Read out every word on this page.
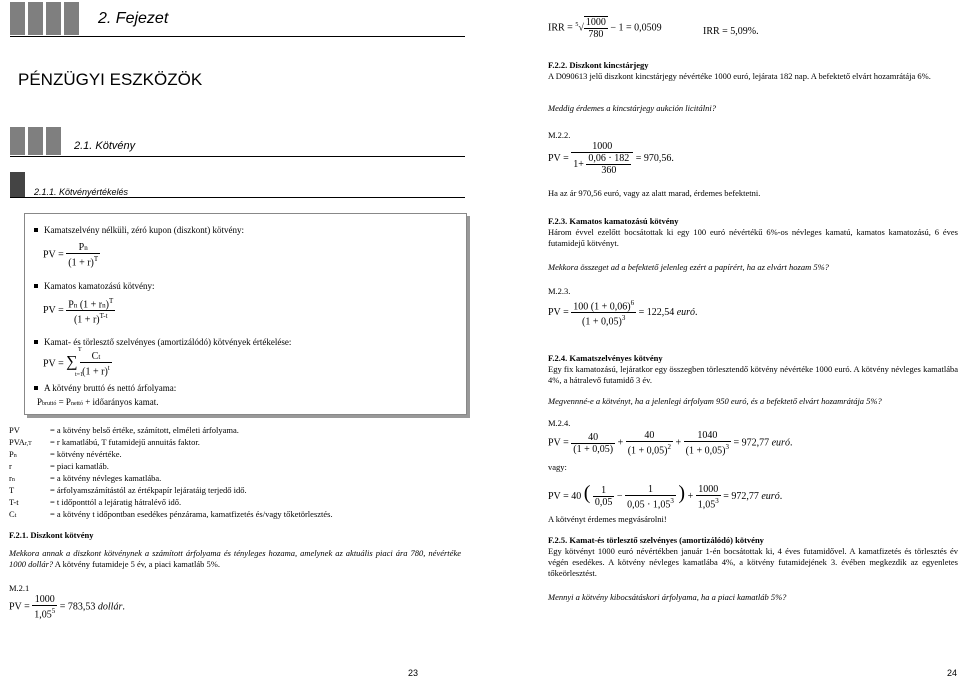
2. Fejezet
PÉNZÜGYI ESZKÖZÖK
2.1. Kötvény
2.1.1. Kötvényértékelés
Kamatszelvény nélküli, zéró kupon (diszkont) kötvény:
PV = $\frac{Pn}{(1 + r)^T}$
Kamatos kamatozású kötvény:
PV = $\frac{Pn (1 + rn)^T}{(1 + r)^{T-t}}$
Kamat- és törlesztő szelvényes (amortizálódó) kötvények értékelése:
PV = ∑ $\frac{Ct}{(1 + r)^t}$
T
t=1
A kötvény bruttó és nettó árfolyama:
Pbruttó = Pnettó + időarányos kamat.
PV	= a kötvény belső értéke, számított, elméleti árfolyama.
PVAr,T = r kamatlábú, T futamidejű annuitás faktor.
Pn	= kötvény névértéke.
r	= piaci kamatláb.
rn	= a kötvény névleges kamatlába.
T	= árfolyamszámítástól az értékpapír lejáratáig terjedő idő.
T-t	= t időponttól a lejáratig hátralévő idő.
Ct	= a kötvény t időpontban esedékes pénzárama, kamatfizetés és/vagy tőketörlesztés.
F.2.1. Diszkont kötvény
Mekkora annak a diszkont kötvénynek a számított árfolyama és tényleges hozama, amelynek az aktuális piaci ára 780, névértéke 1000 dollár? A kötvény futamideje 5 év, a piaci kamatláb 5%.
M.2.1
PV = $\frac{1000}{1,05^5} = 783,53$ dollár.
IRR = $^5√ \frac{1000}{780} - 1 = 0,0509$	IRR = 5,09%.
F.2.2. Diszkont kincstárjegy
A D090613 jelű diszkont kincstárjegy névértéke 1000 euró, lejárata 182 nap. A befektető elvárt hozamrátája 6%.
Meddig érdemes a kincstárjegy aukción licitálni?
M.2.2.
PV = $\frac{1000}{1+ \frac{0,06 \cdot 182}{360}} = 970,56$.
Ha az ár 970,56 euró, vagy az alatt marad, érdemes befektetni.
F.2.3. Kamatos kamatozású kötvény
Három évvel ezelőtt bocsátottak ki egy 100 euró névértékű 6%-os névleges kamatú, kamatos kamatozású, 6 éves futamidejű kötvényt.
Mekkora összeget ad a befektető jelenleg ezért a papírért, ha az elvárt hozam 5%?
M.2.3.
PV = $\frac{100 (1 + 0,06)^6}{(1 + 0,05)^3} = 122,54$ euró.
F.2.4. Kamatszelvényes kötvény
Egy fix kamatozású, lejáratkor egy összegben törlesztendő kötvény névértéke 1000 euró. A kötvény névleges kamatlába 4%, a hátralevő futamidő 3 év.
Megvennné-e a kötvényt, ha a jelenlegi árfolyam 950 euró, és a befektető elvárt hozamrátája 5%?
M.2.4.
PV = $\frac{40}{(1 + 0,05)} + \frac{40}{(1 + 0,05)^2} + \frac{1040}{(1 + 0,05)^3} = 972,77$ euró.
vagy:
PV = 40 ( $\frac{1}{0,05} - \frac{1}{0,05 \cdot 1,05^3}$ ) + $\frac{1000}{1,05^3} = 972,77$ euró.
A kötvényt érdemes megvásárolni!
F.2.5. Kamat-és törlesztő szelvényes (amortizálódó) kötvény
Egy kötvényt 1000 euró névértékben január 1-én bocsátottak ki, 4 éves futamidővel. A kamatfizetés és törlesztés év végén esedékes. A kötvény névleges kamatlába 4%, a kötvény futamidejének 3. évében megkezdik az egyenletes tőkeörlesztést.
Mennyi a kötvény kibocsátáskori árfolyama, ha a piaci kamatláb 5%?
23	24
